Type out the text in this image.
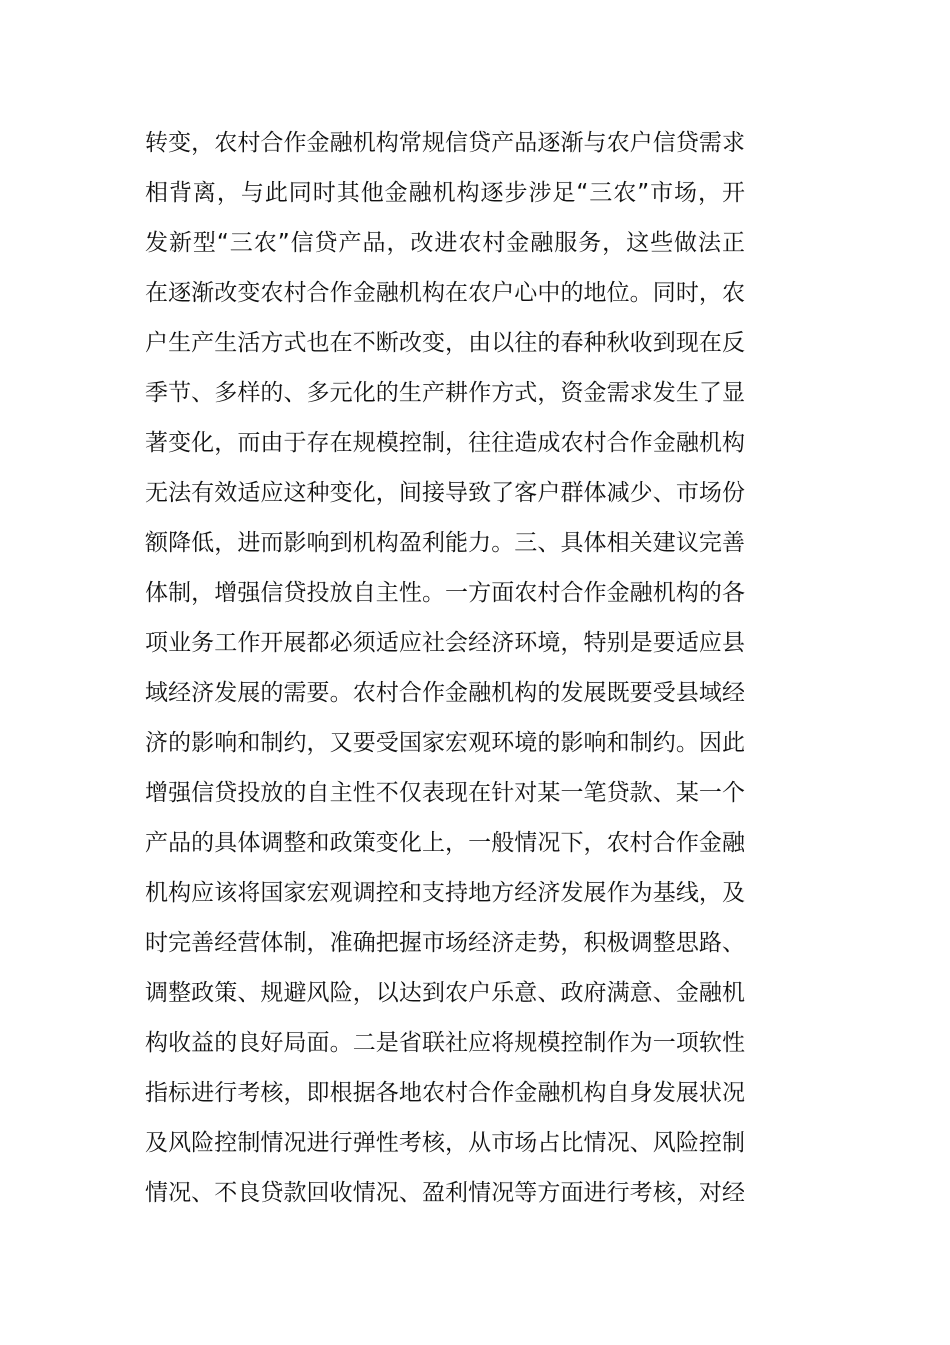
转变，农村合作金融机构常规信贷产品逐渐与农户信贷需求
相背离，与此同时其他金融机构逐步涉足“三农”市场，开
发新型“三农”信贷产品，改进农村金融服务，这些做法正
在逐渐改变农村合作金融机构在农户心中的地位。同时，农
户生产生活方式也在不断改变，由以往的春种秋收到现在反
季节、多样的、多元化的生产耕作方式，资金需求发生了显
著变化，而由于存在规模控制，往往造成农村合作金融机构
无法有效适应这种变化，间接导致了客户群体减少、市场份
额降低，进而影响到机构盈利能力。三、具体相关建议完善
体制，增强信贷投放自主性。一方面农村合作金融机构的各
项业务工作开展都必须适应社会经济环境，特别是要适应县
域经济发展的需要。农村合作金融机构的发展既要受县域经
济的影响和制约，又要受国家宏观环境的影响和制约。因此
增强信贷投放的自主性不仅表现在针对某一笔贷款、某一个
产品的具体调整和政策变化上，一般情况下，农村合作金融
机构应该将国家宏观调控和支持地方经济发展作为基线，及
时完善经营体制，准确把握市场经济走势，积极调整思路、
调整政策、规避风险，以达到农户乐意、政府满意、金融机
构收益的良好局面。二是省联社应将规模控制作为一项软性
指标进行考核，即根据各地农村合作金融机构自身发展状况
及风险控制情况进行弹性考核，从市场占比情况、风险控制
情况、不良贷款回收情况、盈利情况等方面进行考核，对经
